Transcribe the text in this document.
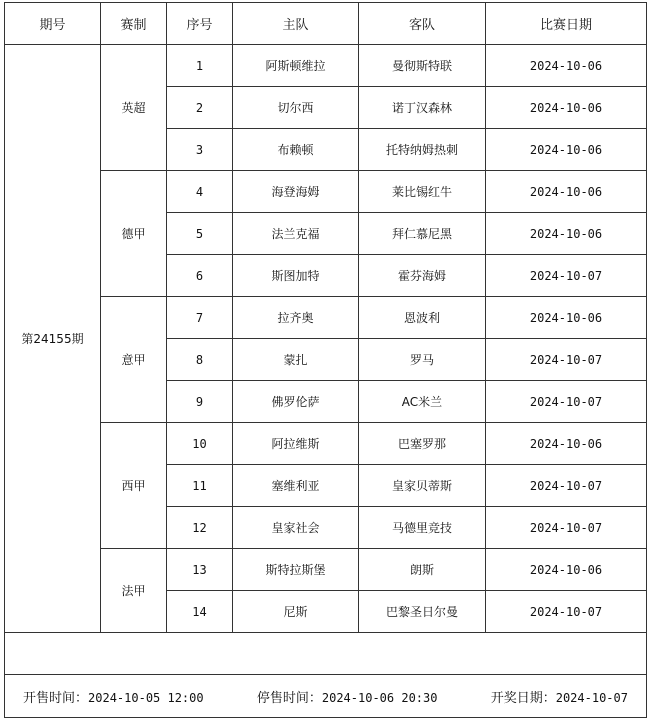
期号	赛制	序号	主队	客队	比赛日期
第24155期	英超	1	阿斯顿维拉	曼彻斯特联	2024-10-06
		2	切尔西	诺丁汉森林	2024-10-06
		3	布赖顿	托特纳姆热刺	2024-10-06
	德甲	4	海登海姆	莱比锡红牛	2024-10-06
		5	法兰克福	拜仁慕尼黑	2024-10-06
		6	斯图加特	霍芬海姆	2024-10-07
	意甲	7	拉齐奥	恩波利	2024-10-06
		8	蒙扎	罗马	2024-10-07
		9	佛罗伦萨	AC米兰	2024-10-07
	西甲	10	阿拉维斯	巴塞罗那	2024-10-06
		11	塞维利亚	皇家贝蒂斯	2024-10-07
		12	皇家社会	马德里竞技	2024-10-07
	法甲	13	斯特拉斯堡	朗斯	2024-10-06
		14	尼斯	巴黎圣日尔曼	2024-10-07

开售时间：2024-10-05 12:00 停售时间：2024-10-06 20:30 开奖日期：2024-10-07					
